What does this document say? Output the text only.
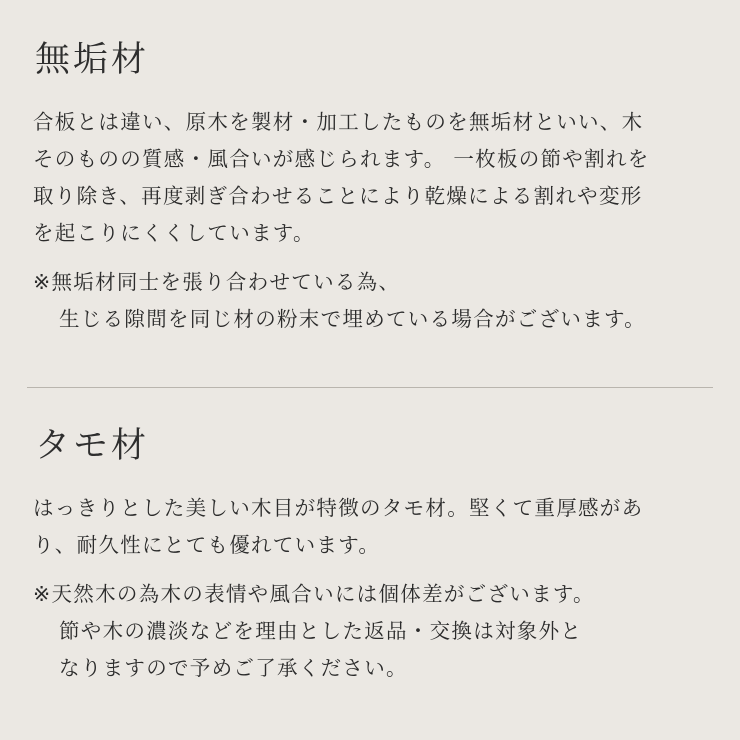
無垢材

合板とは違い、原木を製材・加工したものを無垢材といい、木
そのものの質感・風合いが感じられます。 一枚板の節や割れを
取り除き、再度剥ぎ合わせることにより乾燥による割れや変形
を起こりにくくしています。

※無垢材同士を張り合わせている為、
生じる隙間を同じ材の粉末で埋めている場合がございます。

タモ材

はっきりとした美しい木目が特徴のタモ材。堅くて重厚感があ
り、耐久性にとても優れています。

※天然木の為木の表情や風合いには個体差がございます。
節や木の濃淡などを理由とした返品・交換は対象外と
なりますので予めご了承ください。
